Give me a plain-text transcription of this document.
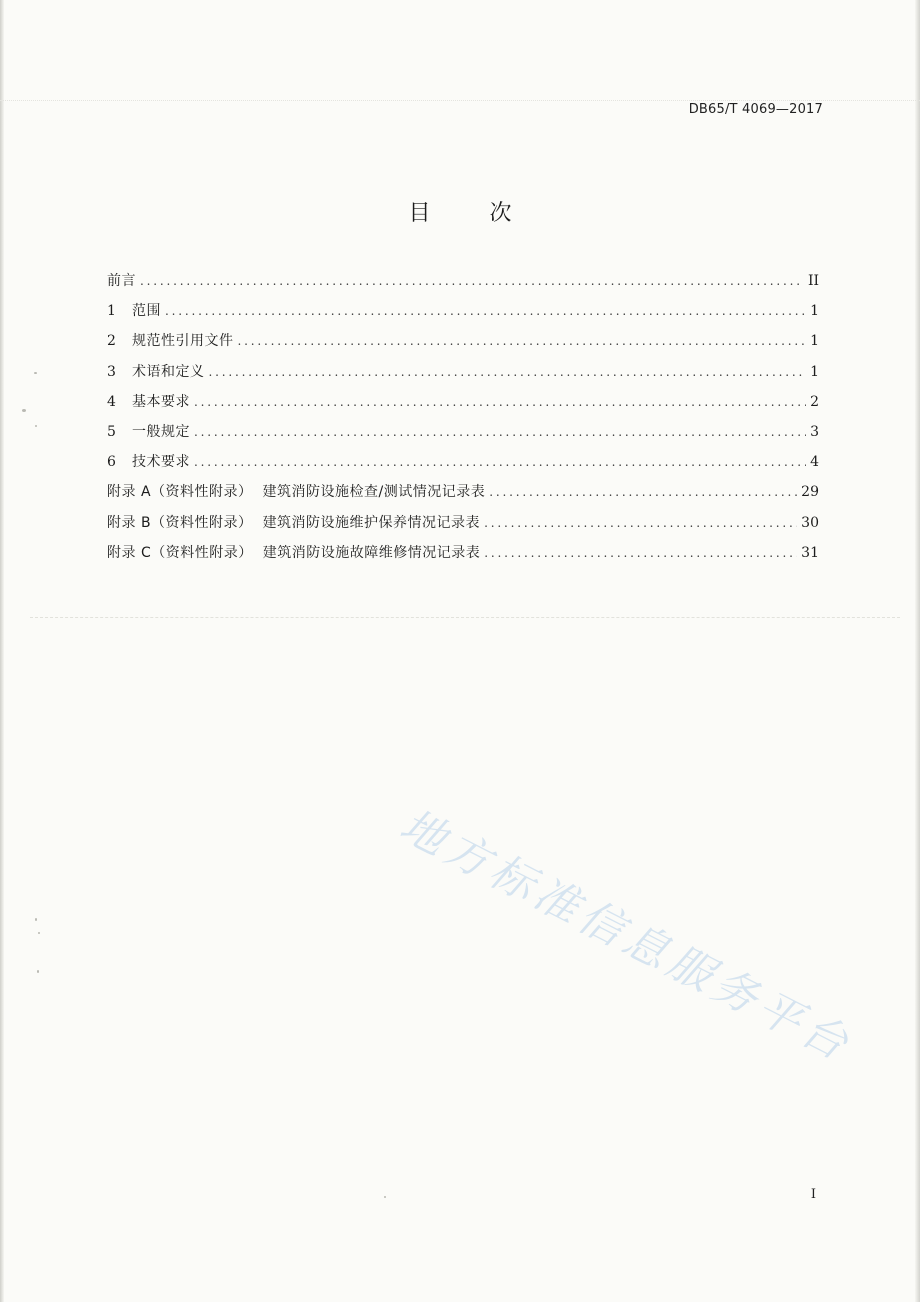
DB65/T 4069—2017
目 次
前言 . . .	II
1	范围 . . .	1
2	规范性引用文件 . . .	1
3	术语和定义 . . .	1
4	基本要求 . . .	2
5	一般规定 . . .	3
6	技术要求 . . .	4
附录 A（资料性附录） 建筑消防设施检查/测试情况记录表 . . .	29
附录 B（资料性附录） 建筑消防设施维护保养情况记录表 . . .	30
附录 C（资料性附录） 建筑消防设施故障维修情况记录表 . . .	31
地方标准信息服务平台
I
